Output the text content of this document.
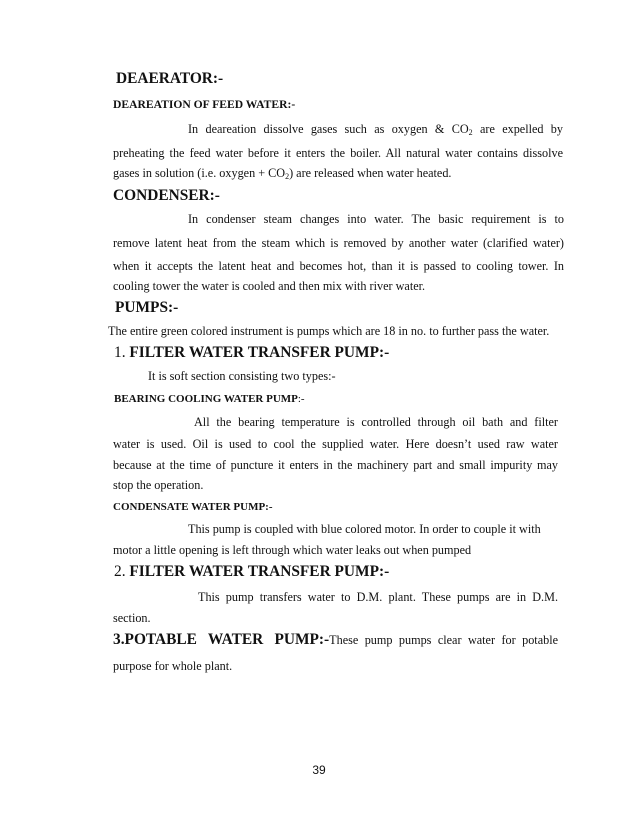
DEAERATOR:-
DEAREATION OF FEED WATER:-
In deareation dissolve gases such as oxygen & $CO_2$ are expelled by
preheating the feed water before it enters the boiler. All natural water contains dissolve
gases in solution (i.e. oxygen + $CO_2$) are released when water heated.
CONDENSER:-
In condenser steam changes into water. The basic requirement is to
remove latent heat from the steam which is removed by another water (clarified water)
when it accepts the latent heat and becomes hot, than it is passed to cooling tower. In
cooling tower the water is cooled and then mix with river water.
PUMPS:-
The entire green colored instrument is pumps which are 18 in no. to further pass the water.
1. FILTER WATER TRANSFER PUMP:-
It is soft section consisting two types:-
BEARING COOLING WATER PUMP:-
All the bearing temperature is controlled through oil bath and filter
water is used. Oil is used to cool the supplied water. Here doesn’t used raw water
because at the time of puncture it enters in the machinery part and small impurity may
stop the operation.
CONDENSATE WATER PUMP:-
This pump is coupled with blue colored motor. In order to couple it with
motor a little opening is left through which water leaks out when pumped
2. FILTER WATER TRANSFER PUMP:-
This pump transfers water to D.M. plant. These pumps are in D.M.
section.
3.POTABLE WATER PUMP:-These pump pumps clear water for potable
purpose for whole plant.
39
